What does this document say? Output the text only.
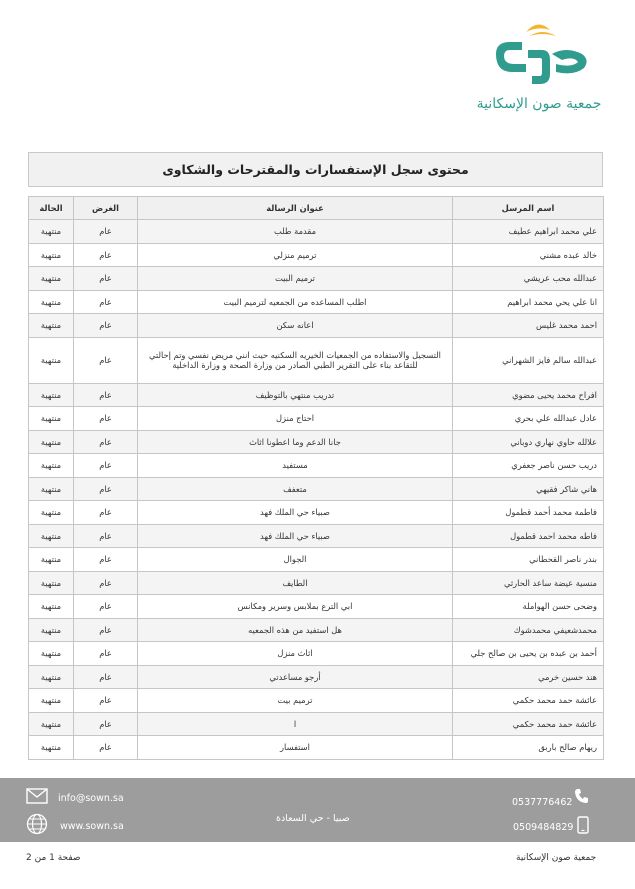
جمعية صون الإسكانية
محتوى سجل الإستفسارات والمقترحات والشكاوى
اسم المرسل	عنوان الرسالة	الغرض	الحالة
علي محمد ابراهيم عطيف	مقدمة طلب	عام	منتهية
خالد عبده مشني	ترميم منزلي	عام	منتهية
عبدالله محب عريشي	ترميم البيت	عام	منتهية
انا علي يحي محمد ابراهيم	اطلب المساعده من الجمعيه لترميم البيت	عام	منتهية
احمد محمد غليس	اعانه سكن	عام	منتهية
عبدالله سالم فايز الشهراني	التسجيل والاستفاده من الجمعيات الخيريه السكنيه حيث انني مريض نفسي وتم إحالتي للتقاعد بناء على التقرير الطبي الصادر من وزارة الصحة و وزارة الداخلية	عام	منتهية
افراح محمد يحيى مضوي	تدريب منتهي بالتوظيف	عام	منتهية
عادل عبدالله علي بحري	احتاج منزل	عام	منتهية
علالله حاوي نهاري دوباني	جانا الدعم وما اعطونا اثاث	عام	منتهية
دريب حسن ناصر جعفري	مستفيد	عام	منتهية
هاني شاكر فقيهي	متعفف	عام	منتهية
فاطمة محمد أحمد قطمول	صبياء حي الملك فهد	عام	منتهية
فاطه محمد احمد قطمول	صبياء حي الملك فهد	عام	منتهية
بندر ناصر القحطاني	الجوال	عام	منتهية
منسية عيضة ساعد الحارثي	الطايف	عام	منتهية
وضحى حسن الهواملة	ابي الترع بملابس وسرير ومكانس	عام	منتهية
محمدشعيفي محمدشوك	هل استفيد من هذه الجمعيه	عام	منتهية
أحمد بن عبده بن يحيى بن صالح جلي	اثاث منزل	عام	منتهية
هند حسين خرمي	أرجو مساعدتي	عام	منتهية
عائشة حمد محمد حكمي	ترميم بيت	عام	منتهية
عائشة حمد محمد حكمي	ا	عام	منتهية
ريهام صالح باربق	استفسار	عام	منتهية
info@sown.sa
www.sown.sa
صبيا - حي السعادة
0537776462
0509484829
صفحة 1 من 2	جمعية صون الإسكانية
